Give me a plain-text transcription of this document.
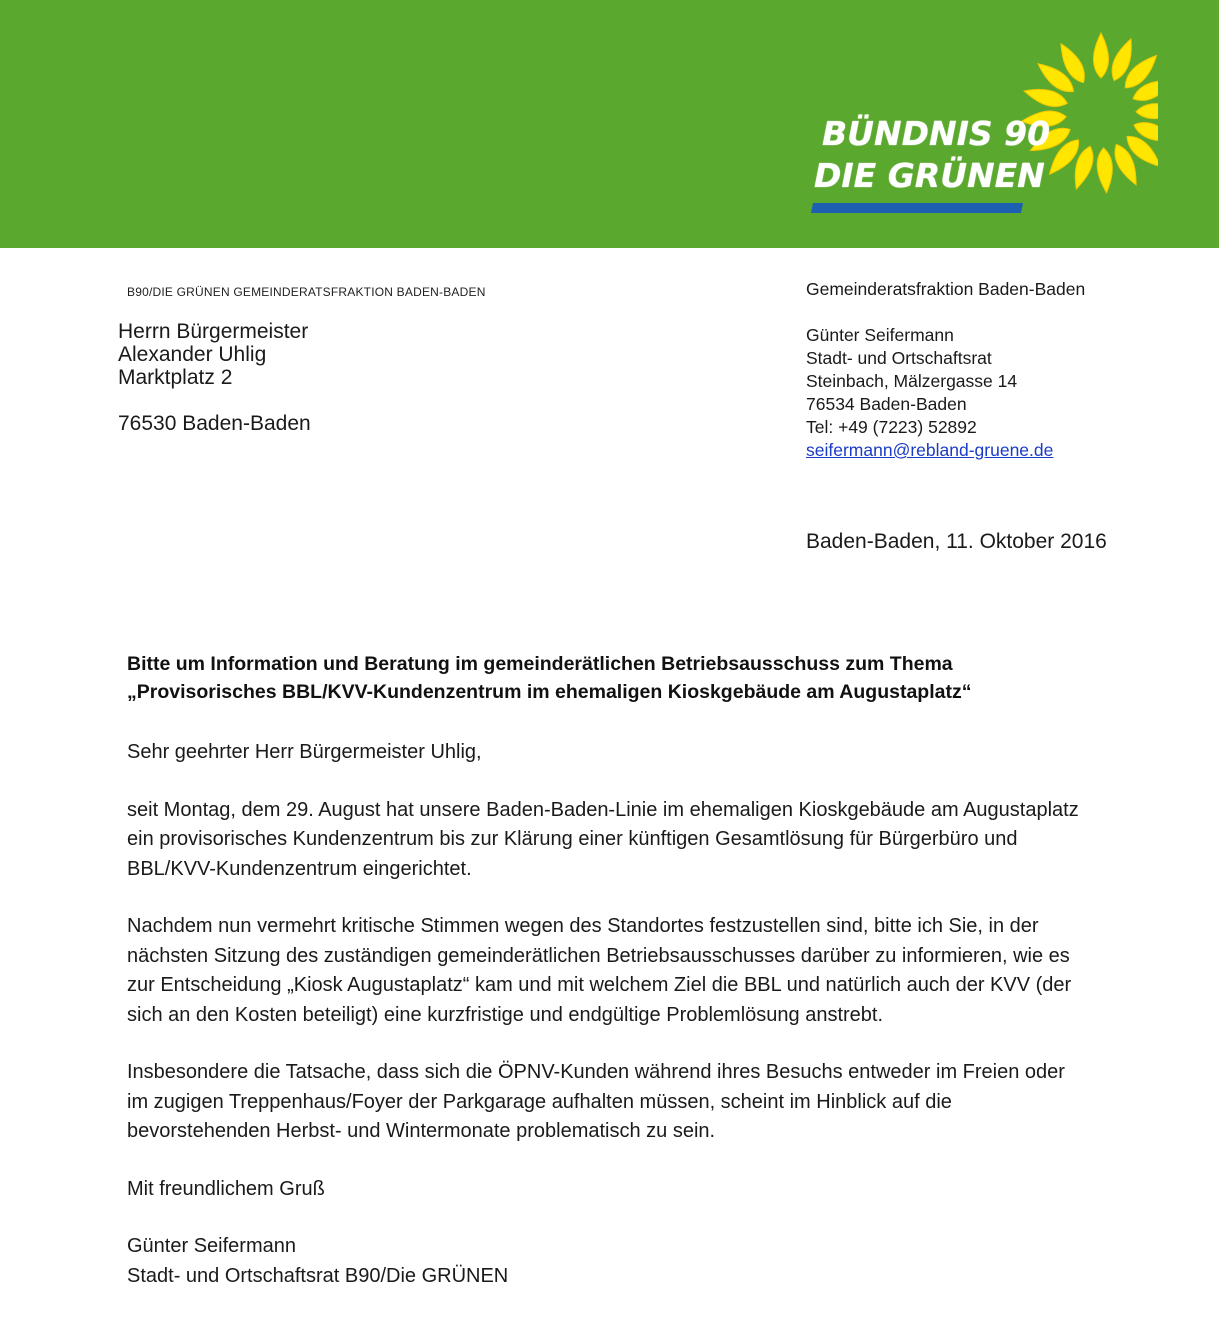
BÜNDNIS 90
DIE GRÜNEN
B90/DIE GRÜNEN GEMEINDERATSFRAKTION BADEN-BADEN
Herrn Bürgermeister
Alexander Uhlig
Marktplatz 2
76530 Baden-Baden
Gemeinderatsfraktion Baden-Baden
Günter Seifermann
Stadt- und Ortschaftsrat
Steinbach, Mälzergasse 14
76534 Baden-Baden
Tel: +49 (7223) 52892
seifermann@rebland-gruene.de
Baden-Baden, 11. Oktober 2016
Bitte um Information und Beratung im gemeinderätlichen Betriebsausschuss zum Thema
„Provisorisches BBL/KVV-Kundenzentrum im ehemaligen Kioskgebäude am Augustaplatz“

Sehr geehrter Herr Bürgermeister Uhlig,

seit Montag, dem 29. August hat unsere Baden-Baden-Linie im ehemaligen Kioskgebäude am Augustaplatz ein provisorisches Kundenzentrum bis zur Klärung einer künftigen Gesamtlösung für Bürgerbüro und BBL/KVV-Kundenzentrum eingerichtet.

Nachdem nun vermehrt kritische Stimmen wegen des Standortes festzustellen sind, bitte ich Sie, in der nächsten Sitzung des zuständigen gemeinderätlichen Betriebsausschusses darüber zu informieren, wie es zur Entscheidung „Kiosk Augustaplatz“ kam und mit welchem Ziel die BBL und natürlich auch der KVV (der sich an den Kosten beteiligt) eine kurzfristige und endgültige Problemlösung anstrebt.

Insbesondere die Tatsache, dass sich die ÖPNV-Kunden während ihres Besuchs entweder im Freien oder im zugigen Treppenhaus/Foyer der Parkgarage aufhalten müssen, scheint im Hinblick auf die bevorstehenden Herbst- und Wintermonate problematisch zu sein.

Mit freundlichem Gruß

Günter Seifermann

Stadt- und Ortschaftsrat B90/Die GRÜNEN
